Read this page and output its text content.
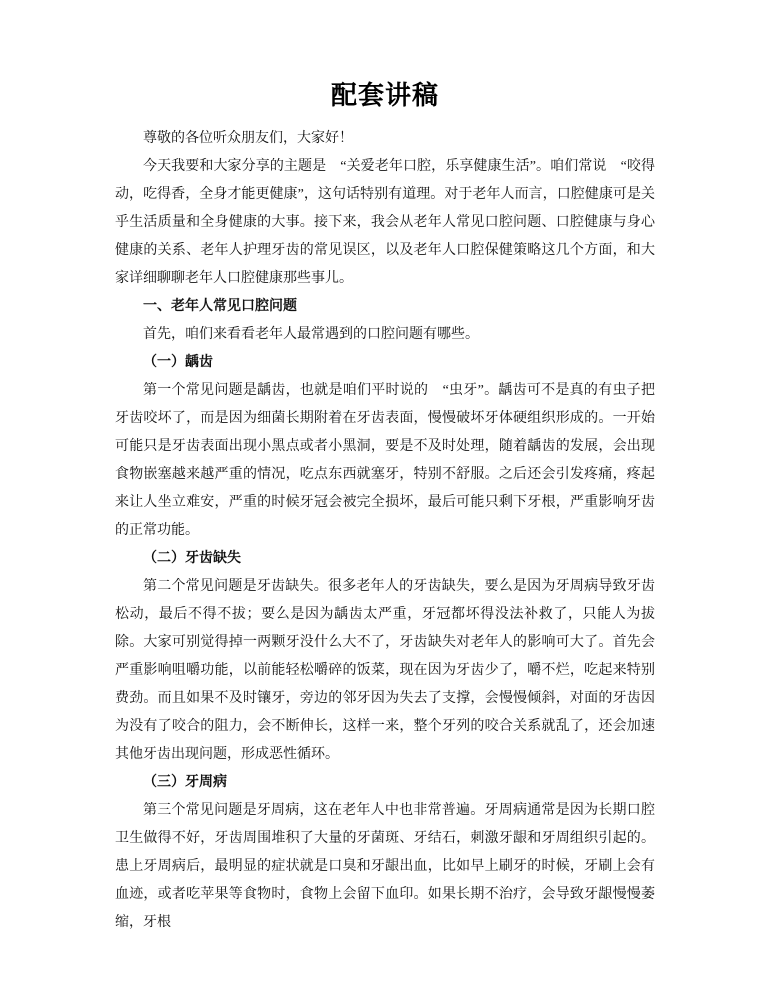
配套讲稿

尊敬的各位听众朋友们，大家好！

今天我要和大家分享的主题是　“关爱老年口腔，乐享健康生活”。咱们常说　“咬得动，吃得香，全身才能更健康”，这句话特别有道理。对于老年人而言，口腔健康可是关乎生活质量和全身健康的大事。接下来，我会从老年人常见口腔问题、口腔健康与身心健康的关系、老年人护理牙齿的常见误区，以及老年人口腔保健策略这几个方面，和大家详细聊聊老年人口腔健康那些事儿。

一、老年人常见口腔问题

首先，咱们来看看老年人最常遇到的口腔问题有哪些。

（一）龋齿

第一个常见问题是龋齿，也就是咱们平时说的　“虫牙”。龋齿可不是真的有虫子把牙齿咬坏了，而是因为细菌长期附着在牙齿表面，慢慢破坏牙体硬组织形成的。一开始可能只是牙齿表面出现小黑点或者小黑洞，要是不及时处理，随着龋齿的发展，会出现食物嵌塞越来越严重的情况，吃点东西就塞牙，特别不舒服。之后还会引发疼痛，疼起来让人坐立难安，严重的时候牙冠会被完全损坏，最后可能只剩下牙根，严重影响牙齿的正常功能。

（二）牙齿缺失

第二个常见问题是牙齿缺失。很多老年人的牙齿缺失，要么是因为牙周病导致牙齿松动，最后不得不拔；要么是因为龋齿太严重，牙冠都坏得没法补救了，只能人为拔除。大家可别觉得掉一两颗牙没什么大不了，牙齿缺失对老年人的影响可大了。首先会严重影响咀嚼功能，以前能轻松嚼碎的饭菜，现在因为牙齿少了，嚼不烂，吃起来特别费劲。而且如果不及时镶牙，旁边的邻牙因为失去了支撑，会慢慢倾斜，对面的牙齿因为没有了咬合的阻力，会不断伸长，这样一来，整个牙列的咬合关系就乱了，还会加速其他牙齿出现问题，形成恶性循环。

（三）牙周病

第三个常见问题是牙周病，这在老年人中也非常普遍。牙周病通常是因为长期口腔卫生做得不好，牙齿周围堆积了大量的牙菌斑、牙结石，刺激牙龈和牙周组织引起的。患上牙周病后，最明显的症状就是口臭和牙龈出血，比如早上刷牙的时候，牙刷上会有血迹，或者吃苹果等食物时，食物上会留下血印。如果长期不治疗，会导致牙龈慢慢萎缩，牙根
